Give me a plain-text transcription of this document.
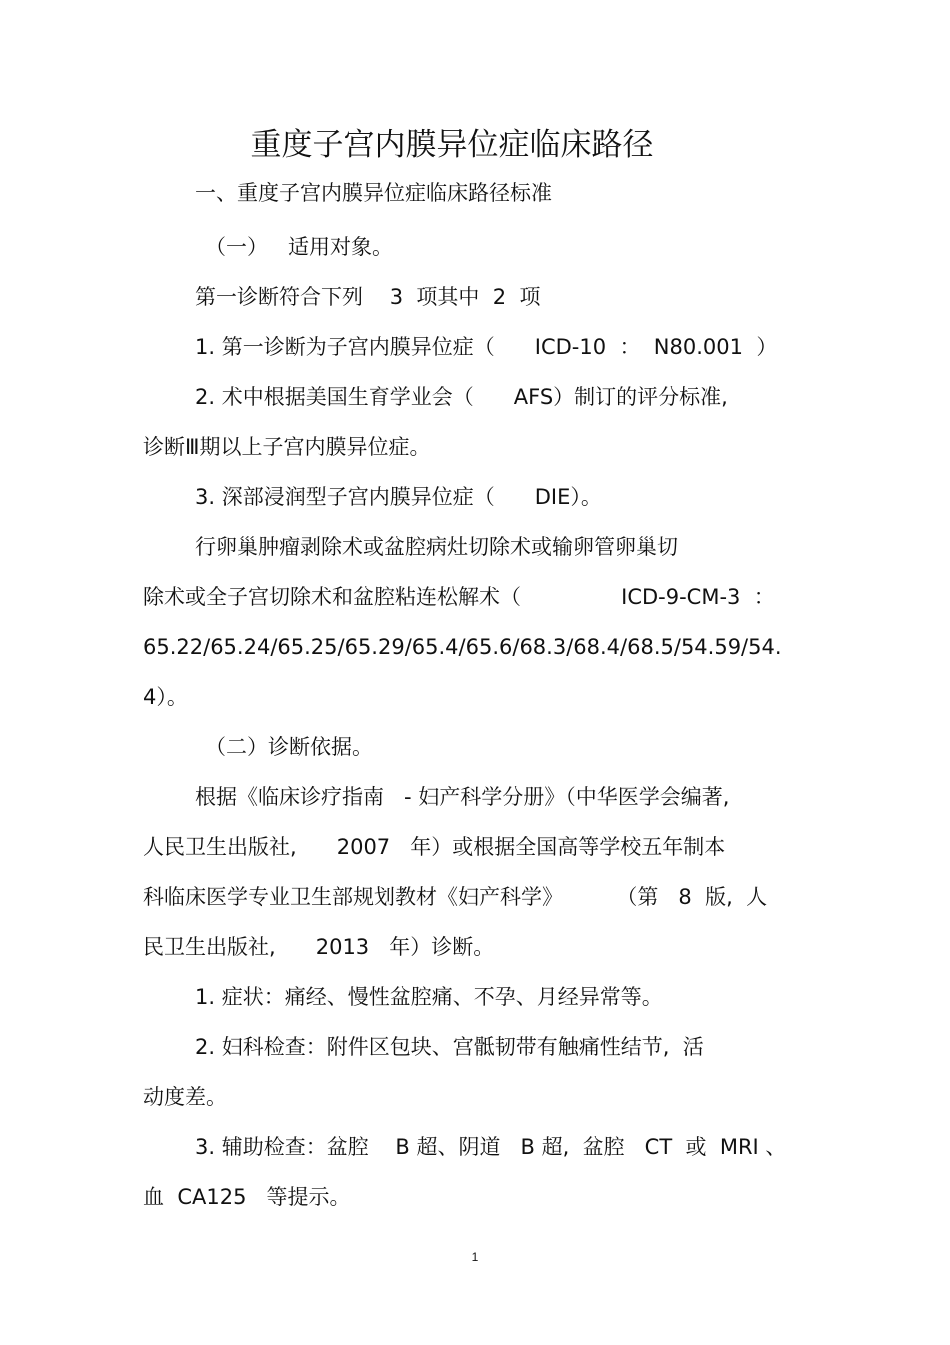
重度子宫内膜异位症临床路径
一、重度子宫内膜异位症临床路径标准
（一）   适用对象。
第一诊断符合下列    3  项其中  2  项
1. 第一诊断为子宫内膜异位症（      ICD-10  ：  N80.001  ）
2. 术中根据美国生育学业会（      AFS）制订的评分标准,
诊断Ⅲ期以上子宫内膜异位症。
3. 深部浸润型子宫内膜异位症（      DIE）。
行卵巢肿瘤剥除术或盆腔病灶切除术或输卵管卵巢切
除术或全子宫切除术和盆腔粘连松解术（               ICD-9-CM-3  ：
65.22/65.24/65.25/65.29/65.4/65.6/68.3/68.4/68.5/54.59/54.
4）。
（二）诊断依据。
根据《临床诊疗指南   - 妇产科学分册》（中华医学会编著,
人民卫生出版社,      2007   年）或根据全国高等学校五年制本
科临床医学专业卫生部规划教材《妇产科学》        （第   8  版,  人
民卫生出版社,      2013   年）诊断。
1. 症状：痛经、慢性盆腔痛、不孕、月经异常等。
2. 妇科检查：附件区包块、宫骶韧带有触痛性结节,  活
动度差。
3. 辅助检查：盆腔    B 超、阴道   B 超,  盆腔   CT  或  MRI 、
血  CA125   等提示。
1
